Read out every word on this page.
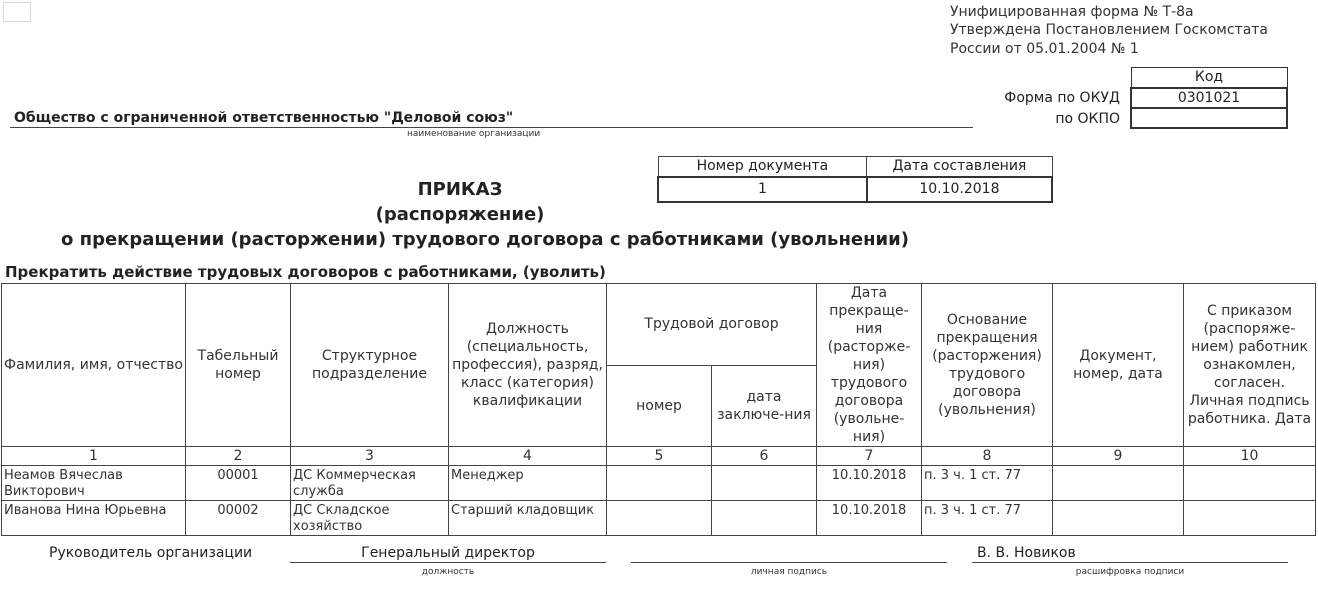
Унифицированная форма № Т-8а
Утверждена Постановлением Госкомстата
России от 05.01.2004 № 1
Код
0301021

Форма по ОКУД
по ОКПО
Общество с ограниченной ответственностью "Деловой союз"
наименование организации
Номер документа	Дата составления
1	10.10.2018
ПРИКАЗ
(распоряжение)
о прекращении (расторжении) трудового договора с работниками (увольнении)
Прекратить действие трудовых договоров с работниками, (уволить)
Фамилия, имя, отчество	Табельный номер	Структурное подразделение	Должность (специальность, профессия), разряд, класс (категория) квалификации	Трудовой договор		Дата прекраще-ния (расторже-ния) трудового договора (увольне-ния)	Основание прекращения (расторжения) трудового договора (увольнения)	Документ, номер, дата	С приказом (распоряже-нием) работник ознакомлен, согласен. Личная подпись работника. Дата
				номер	дата заключе-ния				
1	2	3	4	5	6	7	8	9	10
Неамов Вячеслав Викторович	00001	ДС Коммерческая служба	Менеджер			10.10.2018	п. 3 ч. 1 ст. 77		
Иванова Нина Юрьевна	00002	ДС Складское хозяйство	Старший кладовщик			10.10.2018	п. 3 ч. 1 ст. 77		
Руководитель организации	Генеральный директор
должность	личная подпись
В. В. Новиков
расшифровка подписи
